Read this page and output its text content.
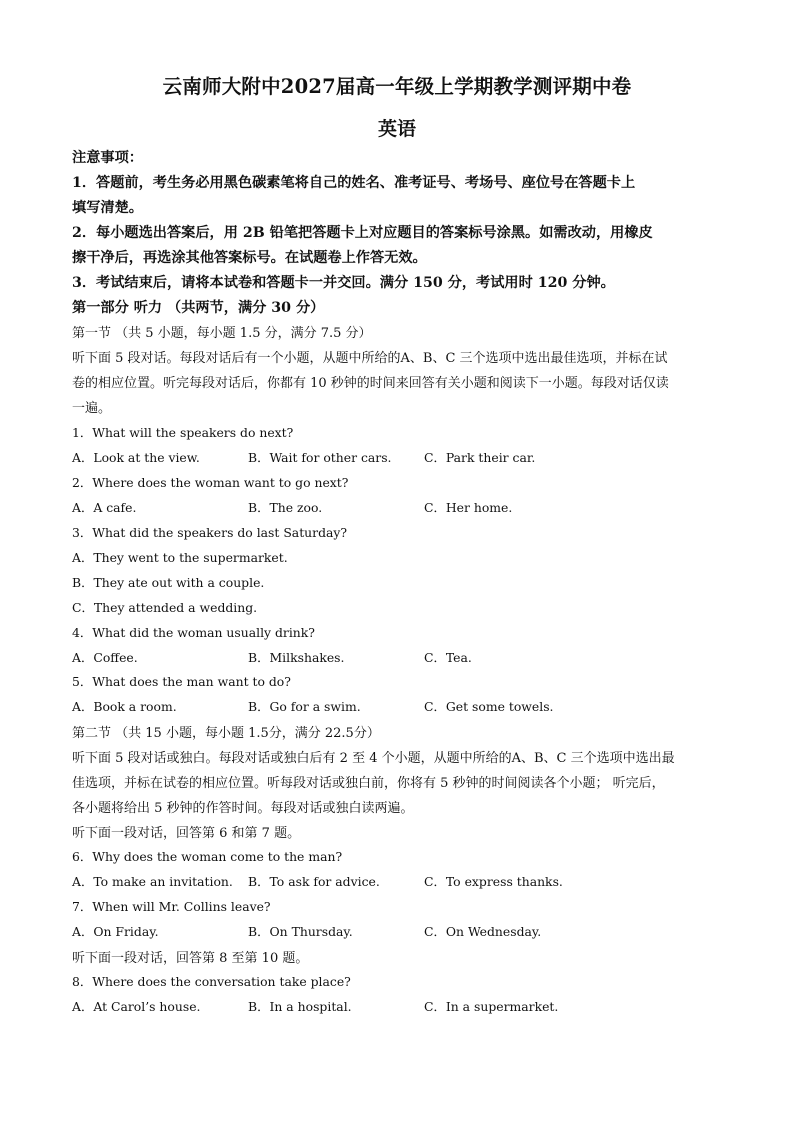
云南师大附中2027届高一年级上学期教学测评期中卷
英语
注意事项：
1．答题前，考生务必用黑色碳素笔将自己的姓名、准考证号、考场号、座位号在答题卡上
填写清楚。
2．每小题选出答案后，用 2B 铅笔把答题卡上对应题目的答案标号涂黑。如需改动，用橡皮
擦干净后，再选涂其他答案标号。在试题卷上作答无效。
3．考试结束后，请将本试卷和答题卡一并交回。满分 150 分，考试用时 120 分钟。
第一部分 听力 （共两节，满分 30 分）
第一节 （共 5 小题，每小题 1.5 分，满分 7.5 分）
听下面 5 段对话。每段对话后有一个小题，从题中所给的A、B、C 三个选项中选出最佳选项，并标在试
卷的相应位置。听完每段对话后，你都有 10 秒钟的时间来回答有关小题和阅读下一小题。每段对话仅读
一遍。
1．What will the speakers do next?
A．Look at the view.	B．Wait for other cars.	C．Park their car.
2．Where does the woman want to go next?
A．A cafe.	B．The zoo.	C．Her home.
3．What did the speakers do last Saturday?
A．They went to the supermarket.
B．They ate out with a couple.
C．They attended a wedding.
4．What did the woman usually drink?
A．Coffee.	B．Milkshakes.	C．Tea.
5．What does the man want to do?
A．Book a room.	B．Go for a swim.	C．Get some towels.
第二节 （共 15 小题，每小题 1.5分，满分 22.5分）
听下面 5 段对话或独白。每段对话或独白后有 2 至 4 个小题，从题中所给的A、B、C 三个选项中选出最
佳选项，并标在试卷的相应位置。听每段对话或独白前，你将有 5 秒钟的时间阅读各个小题； 听完后，
各小题将给出 5 秒钟的作答时间。每段对话或独白读两遍。
听下面一段对话，回答第 6 和第 7 题。
6．Why does the woman come to the man?
A．To make an invitation. B．To ask for advice.	C．To express thanks.
7．When will Mr. Collins leave?
A．On Friday.	B．On Thursday.	C．On Wednesday.
听下面一段对话，回答第 8 至第 10 题。
8．Where does the conversation take place?
A．At Carol’s house.	B．In a hospital.	C．In a supermarket.
